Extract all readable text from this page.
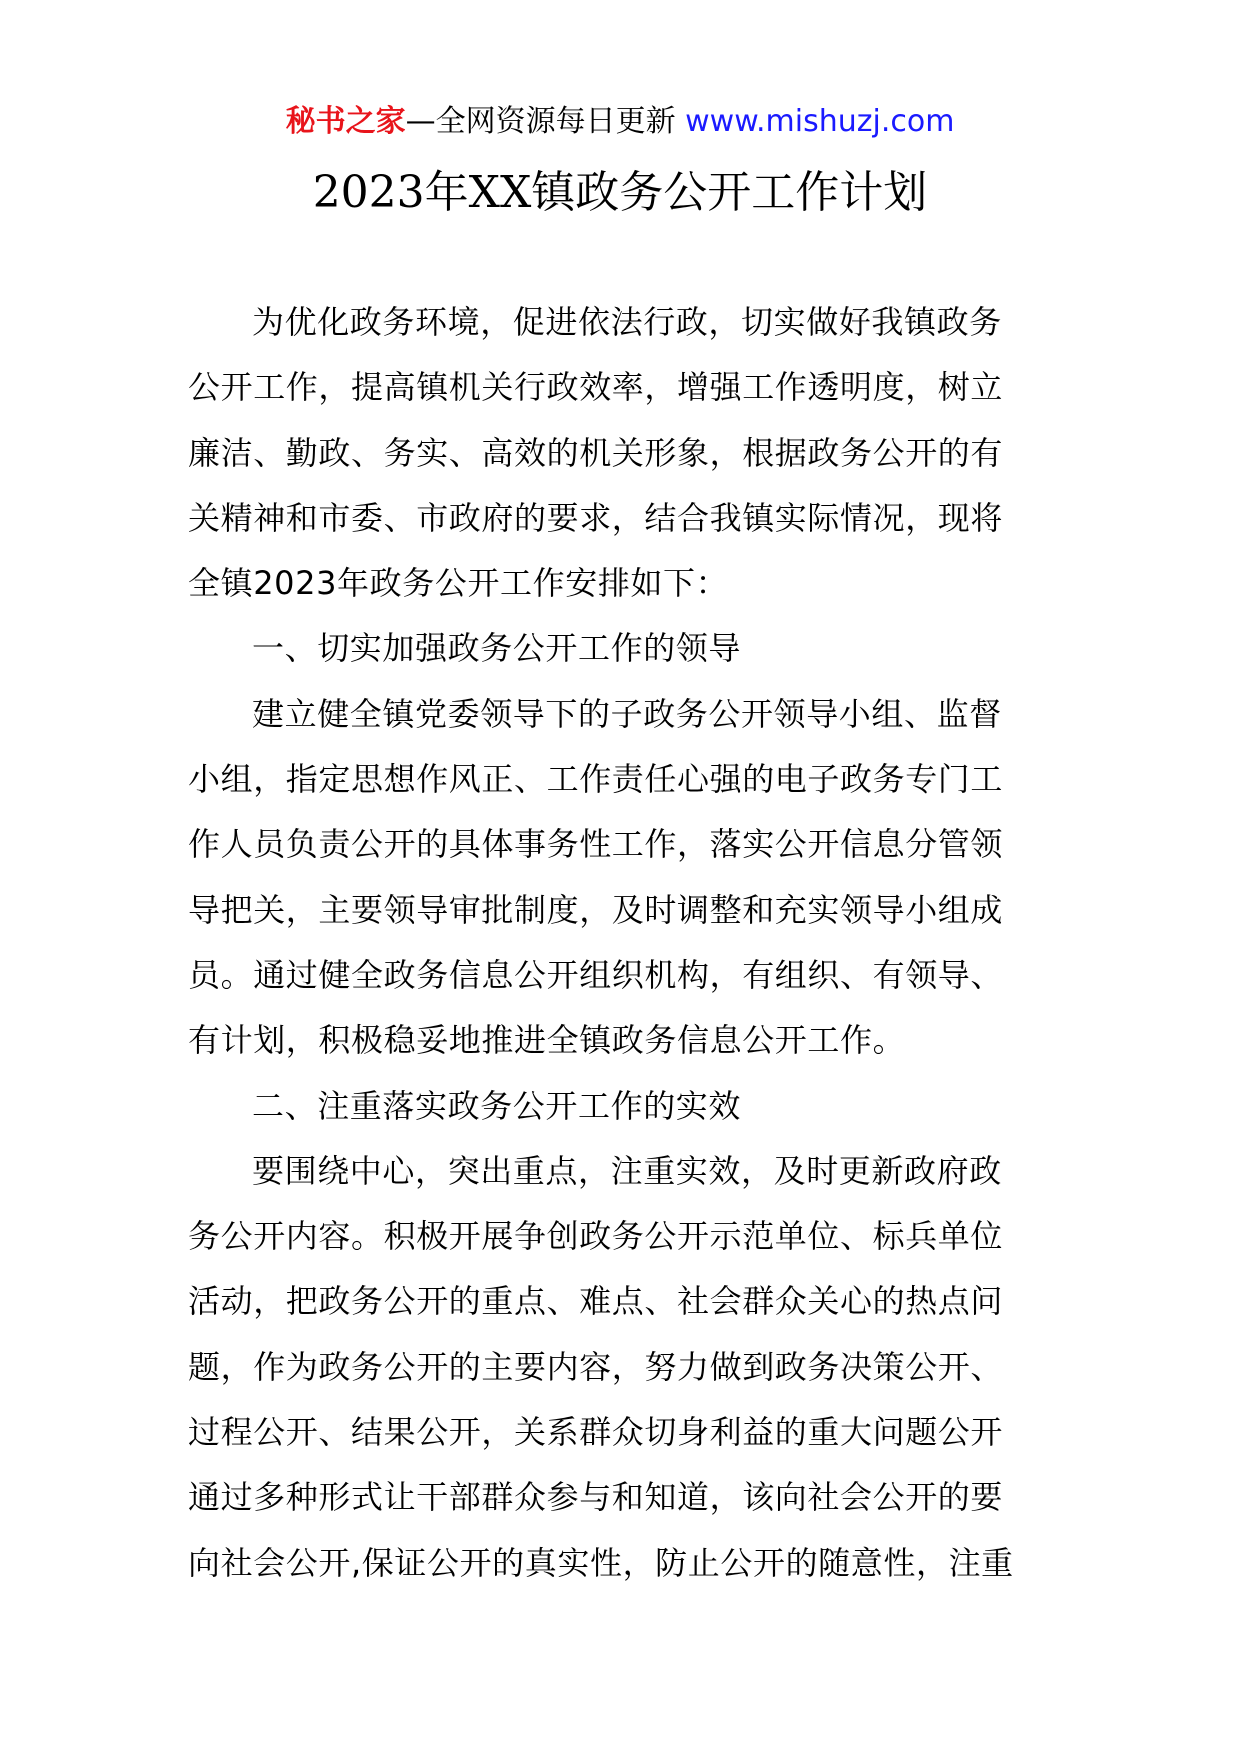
秘书之家—全网资源每日更新 www.mishuzj.com
2023年XX镇政务公开工作计划
为优化政务环境，促进依法行政，切实做好我镇政务
公开工作，提高镇机关行政效率，增强工作透明度，树立
廉洁、勤政、务实、高效的机关形象，根据政务公开的有
关精神和市委、市政府的要求，结合我镇实际情况，现将
全镇2023年政务公开工作安排如下：
一、切实加强政务公开工作的领导
建立健全镇党委领导下的子政务公开领导小组、监督
小组，指定思想作风正、工作责任心强的电子政务专门工
作人员负责公开的具体事务性工作，落实公开信息分管领
导把关，主要领导审批制度，及时调整和充实领导小组成
员。通过健全政务信息公开组织机构，有组织、有领导、
有计划，积极稳妥地推进全镇政务信息公开工作。
二、注重落实政务公开工作的实效
要围绕中心，突出重点，注重实效，及时更新政府政
务公开内容。积极开展争创政务公开示范单位、标兵单位
活动，把政务公开的重点、难点、社会群众关心的热点问
题，作为政务公开的主要内容，努力做到政务决策公开、
过程公开、结果公开，关系群众切身利益的重大问题公开
通过多种形式让干部群众参与和知道，该向社会公开的要
向社会公开,保证公开的真实性，防止公开的随意性，注重
